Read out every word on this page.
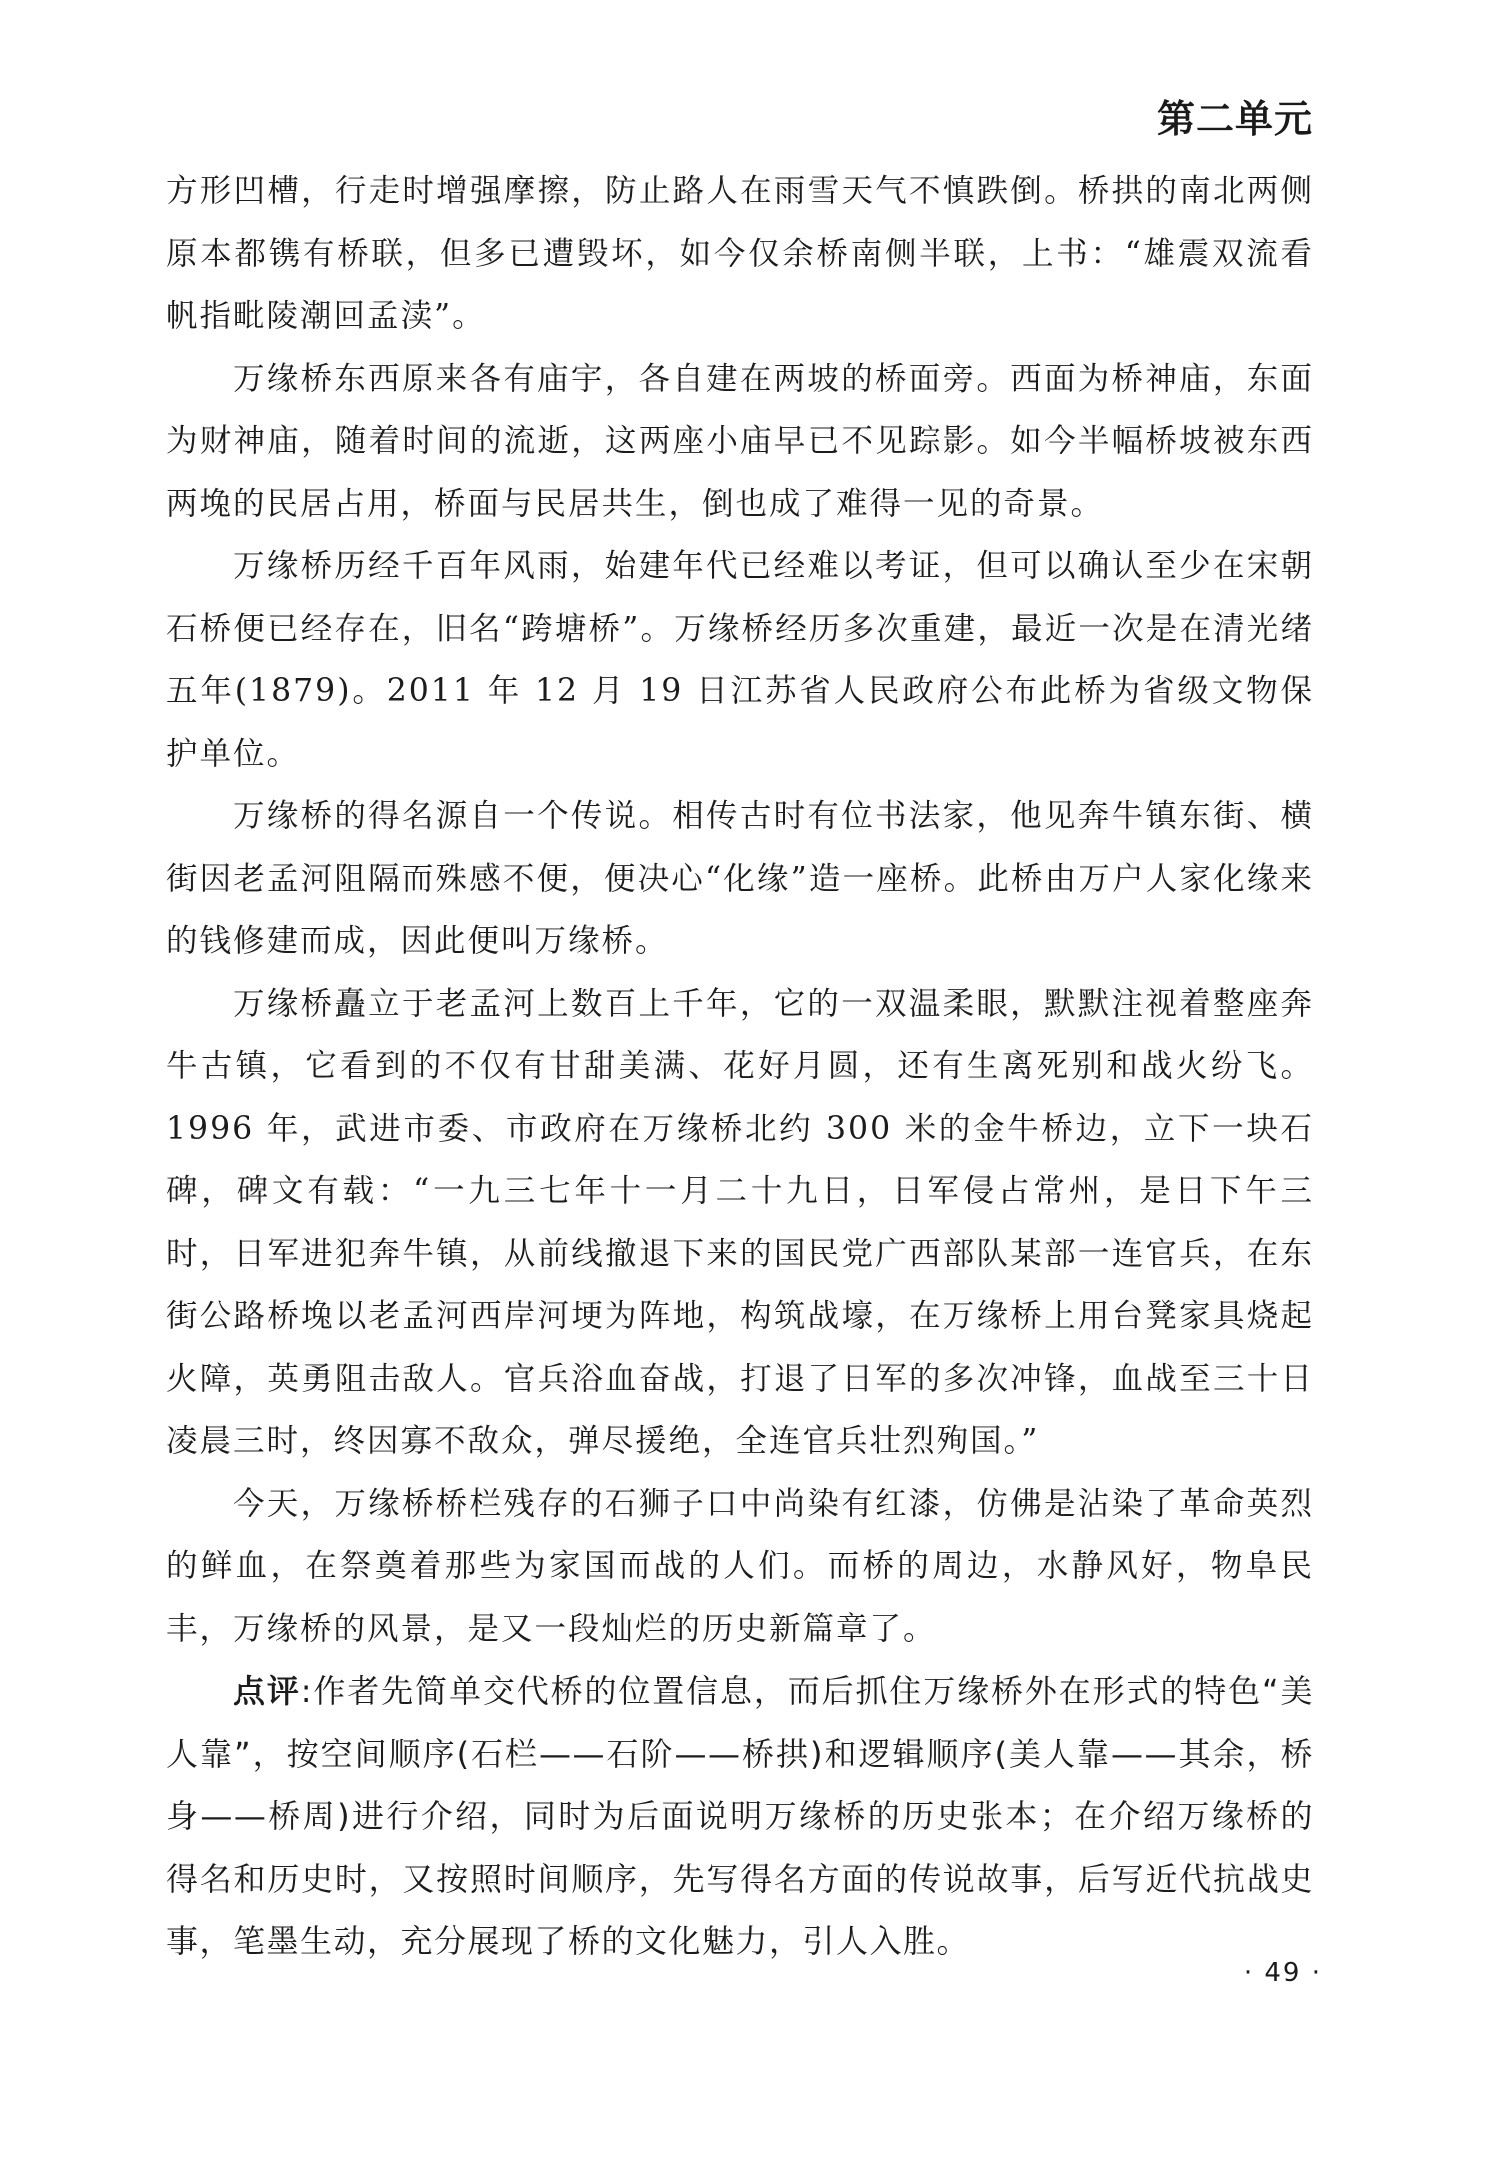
第二单元

方形凹槽，行走时增强摩擦，防止路人在雨雪天气不慎跌倒。桥拱的南北两侧原本都镌有桥联，但多已遭毁坏，如今仅余桥南侧半联，上书：“雄震双流看帆指毗陵潮回孟渎”。

万缘桥东西原来各有庙宇，各自建在两坡的桥面旁。西面为桥神庙，东面为财神庙，随着时间的流逝，这两座小庙早已不见踪影。如今半幅桥坡被东西两堍的民居占用，桥面与民居共生，倒也成了难得一见的奇景。

万缘桥历经千百年风雨，始建年代已经难以考证，但可以确认至少在宋朝石桥便已经存在，旧名“跨塘桥”。万缘桥经历多次重建，最近一次是在清光绪五年(1879)。2011 年 12 月 19 日江苏省人民政府公布此桥为省级文物保护单位。

万缘桥的得名源自一个传说。相传古时有位书法家，他见奔牛镇东街、横街因老孟河阻隔而殊感不便，便决心“化缘”造一座桥。此桥由万户人家化缘来的钱修建而成，因此便叫万缘桥。

万缘桥矗立于老孟河上数百上千年，它的一双温柔眼，默默注视着整座奔牛古镇，它看到的不仅有甘甜美满、花好月圆，还有生离死别和战火纷飞。1996 年，武进市委、市政府在万缘桥北约 300 米的金牛桥边，立下一块石碑，碑文有载：“一九三七年十一月二十九日，日军侵占常州，是日下午三时，日军进犯奔牛镇，从前线撤退下来的国民党广西部队某部一连官兵，在东街公路桥堍以老孟河西岸河埂为阵地，构筑战壕，在万缘桥上用台凳家具烧起火障，英勇阻击敌人。官兵浴血奋战，打退了日军的多次冲锋，血战至三十日凌晨三时，终因寡不敌众，弹尽援绝，全连官兵壮烈殉国。”

今天，万缘桥桥栏残存的石狮子口中尚染有红漆，仿佛是沾染了革命英烈的鲜血，在祭奠着那些为家国而战的人们。而桥的周边，水静风好，物阜民丰，万缘桥的风景，是又一段灿烂的历史新篇章了。

点评:作者先简单交代桥的位置信息，而后抓住万缘桥外在形式的特色“美人靠”，按空间顺序(石栏——石阶——桥拱)和逻辑顺序(美人靠——其余，桥身——桥周)进行介绍，同时为后面说明万缘桥的历史张本；在介绍万缘桥的得名和历史时，又按照时间顺序，先写得名方面的传说故事，后写近代抗战史事，笔墨生动，充分展现了桥的文化魅力，引人入胜。

· 49 ·
